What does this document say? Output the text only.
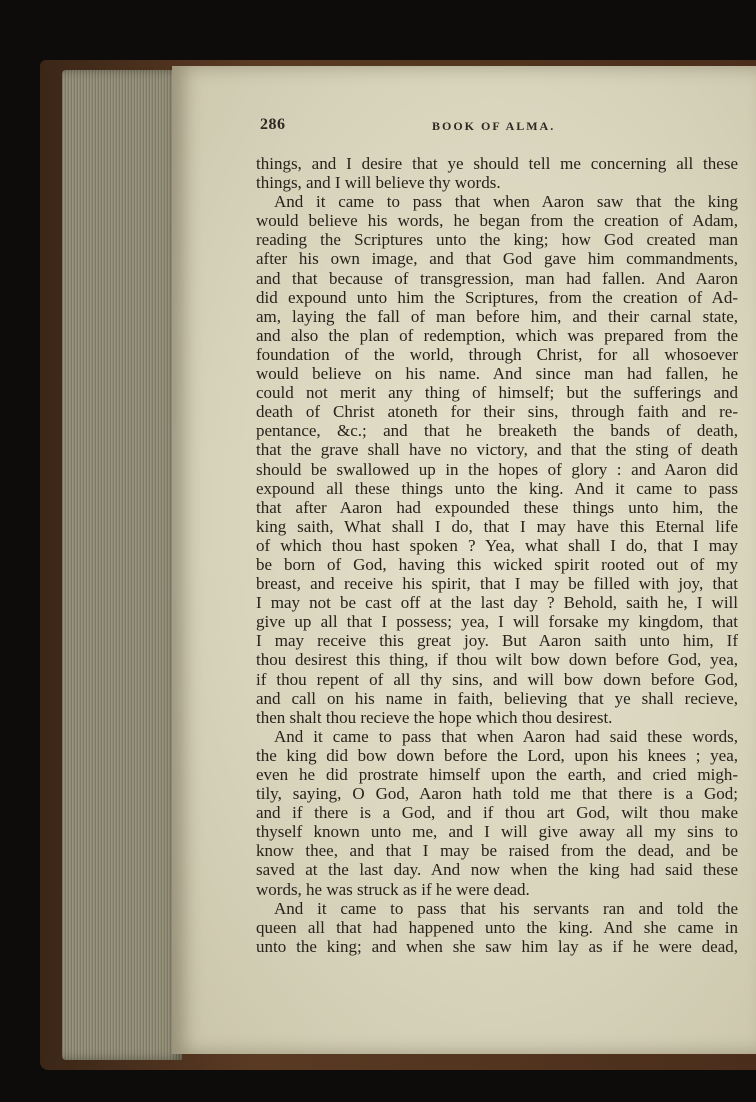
286	BOOK OF ALMA.
things, and I desire that ye should tell me concerning all these
things, and I will believe thy words.
And it came to pass that when Aaron saw that the king
would believe his words, he began from the creation of Adam,
reading the Scriptures unto the king; how God created man
after his own image, and that God gave him commandments,
and that because of transgression, man had fallen. And Aaron
did expound unto him the Scriptures, from the creation of Ad-
am, laying the fall of man before him, and their carnal state,
and also the plan of redemption, which was prepared from the
foundation of the world, through Christ, for all whosoever
would believe on his name. And since man had fallen, he
could not merit any thing of himself; but the sufferings and
death of Christ atoneth for their sins, through faith and re-
pentance, &c.; and that he breaketh the bands of death,
that the grave shall have no victory, and that the sting of death
should be swallowed up in the hopes of glory : and Aaron did
expound all these things unto the king. And it came to pass
that after Aaron had expounded these things unto him, the
king saith, What shall I do, that I may have this Eternal life
of which thou hast spoken ? Yea, what shall I do, that I may
be born of God, having this wicked spirit rooted out of my
breast, and receive his spirit, that I may be filled with joy, that
I may not be cast off at the last day ? Behold, saith he, I will
give up all that I possess; yea, I will forsake my kingdom, that
I may receive this great joy. But Aaron saith unto him, If
thou desirest this thing, if thou wilt bow down before God, yea,
if thou repent of all thy sins, and will bow down before God,
and call on his name in faith, believing that ye shall recieve,
then shalt thou recieve the hope which thou desirest.
And it came to pass that when Aaron had said these words,
the king did bow down before the Lord, upon his knees ; yea,
even he did prostrate himself upon the earth, and cried migh-
tily, saying, O God, Aaron hath told me that there is a God;
and if there is a God, and if thou art God, wilt thou make
thyself known unto me, and I will give away all my sins to
know thee, and that I may be raised from the dead, and be
saved at the last day. And now when the king had said these
words, he was struck as if he were dead.
And it came to pass that his servants ran and told the
queen all that had happened unto the king. And she came in
unto the king; and when she saw him lay as if he were dead,
